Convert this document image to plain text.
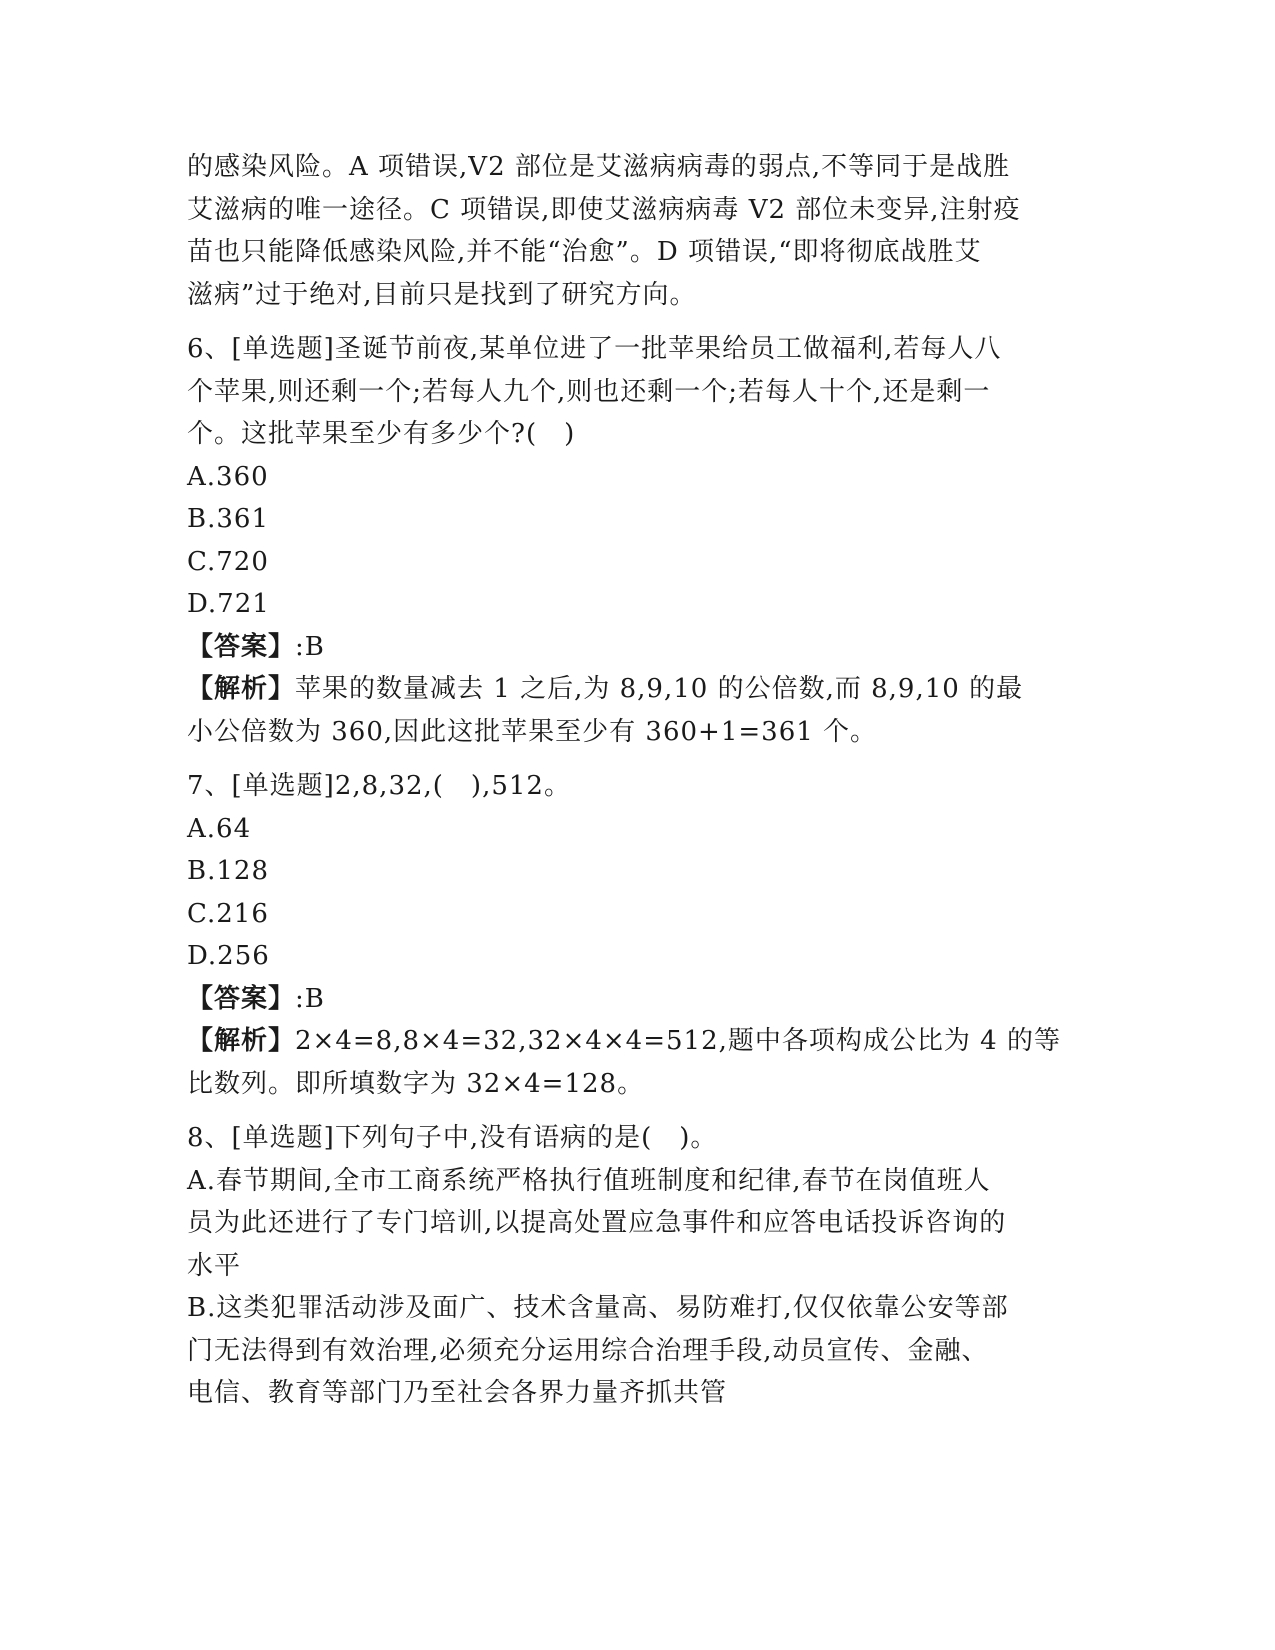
的感染风险。A 项错误,V2 部位是艾滋病病毒的弱点,不等同于是战胜
艾滋病的唯一途径。C 项错误,即使艾滋病病毒 V2 部位未变异,注射疫
苗也只能降低感染风险,并不能“治愈”。D 项错误,“即将彻底战胜艾
滋病”过于绝对,目前只是找到了研究方向。
6、[单选题]圣诞节前夜,某单位进了一批苹果给员工做福利,若每人八
个苹果,则还剩一个;若每人九个,则也还剩一个;若每人十个,还是剩一
个。这批苹果至少有多少个?(　)
A.360
B.361
C.720
D.721
【答案】:B
【解析】苹果的数量减去 1 之后,为 8,9,10 的公倍数,而 8,9,10 的最
小公倍数为 360,因此这批苹果至少有 360+1=361 个。
7、[单选题]2,8,32,(　),512。
A.64
B.128
C.216
D.256
【答案】:B
【解析】2×4=8,8×4=32,32×4×4=512,题中各项构成公比为 4 的等
比数列。即所填数字为 32×4=128。
8、[单选题]下列句子中,没有语病的是(　)。
A.春节期间,全市工商系统严格执行值班制度和纪律,春节在岗值班人
员为此还进行了专门培训,以提高处置应急事件和应答电话投诉咨询的
水平
B.这类犯罪活动涉及面广、技术含量高、易防难打,仅仅依靠公安等部
门无法得到有效治理,必须充分运用综合治理手段,动员宣传、金融、
电信、教育等部门乃至社会各界力量齐抓共管
